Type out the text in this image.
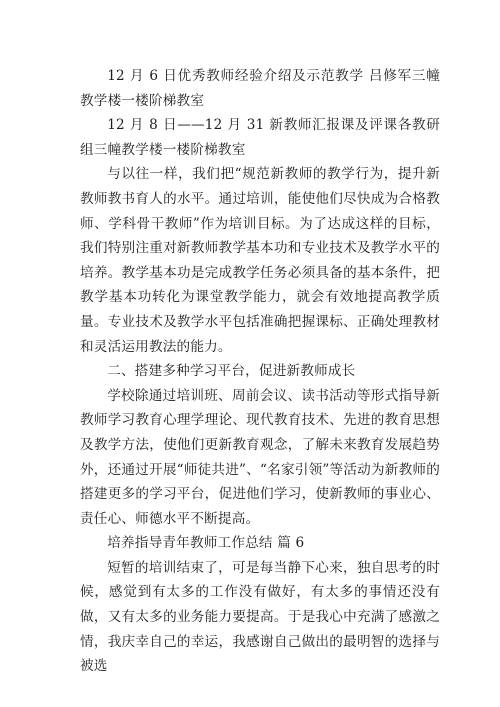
12 月 6 日优秀教师经验介绍及示范教学 吕修军三幢教学楼一楼阶梯教室

12 月 8 日——12 月 31 新教师汇报课及评课各教研组三幢教学楼一楼阶梯教室

与以往一样，我们把“规范新教师的教学行为，提升新教师教书育人的水平。通过培训，能使他们尽快成为合格教师、学科骨干教师”作为培训目标。为了达成这样的目标，我们特别注重对新教师教学基本功和专业技术及教学水平的培养。教学基本功是完成教学任务必须具备的基本条件，把教学基本功转化为课堂教学能力，就会有效地提高教学质量。专业技术及教学水平包括准确把握课标、正确处理教材和灵活运用教法的能力。

二、搭建多种学习平台，促进新教师成长

学校除通过培训班、周前会议、读书活动等形式指导新教师学习教育心理学理论、现代教育技术、先进的教育思想及教学方法，使他们更新教育观念，了解未来教育发展趋势外，还通过开展“师徒共进”、“名家引领”等活动为新教师的搭建更多的学习平台，促进他们学习，使新教师的事业心、责任心、师德水平不断提高。

培养指导青年教师工作总结 篇 6

短暂的培训结束了，可是每当静下心来，独自思考的时候，感觉到有太多的工作没有做好，有太多的事情还没有做，又有太多的业务能力要提高。于是我心中充满了感激之情，我庆幸自己的幸运，我感谢自己做出的最明智的选择与被选
